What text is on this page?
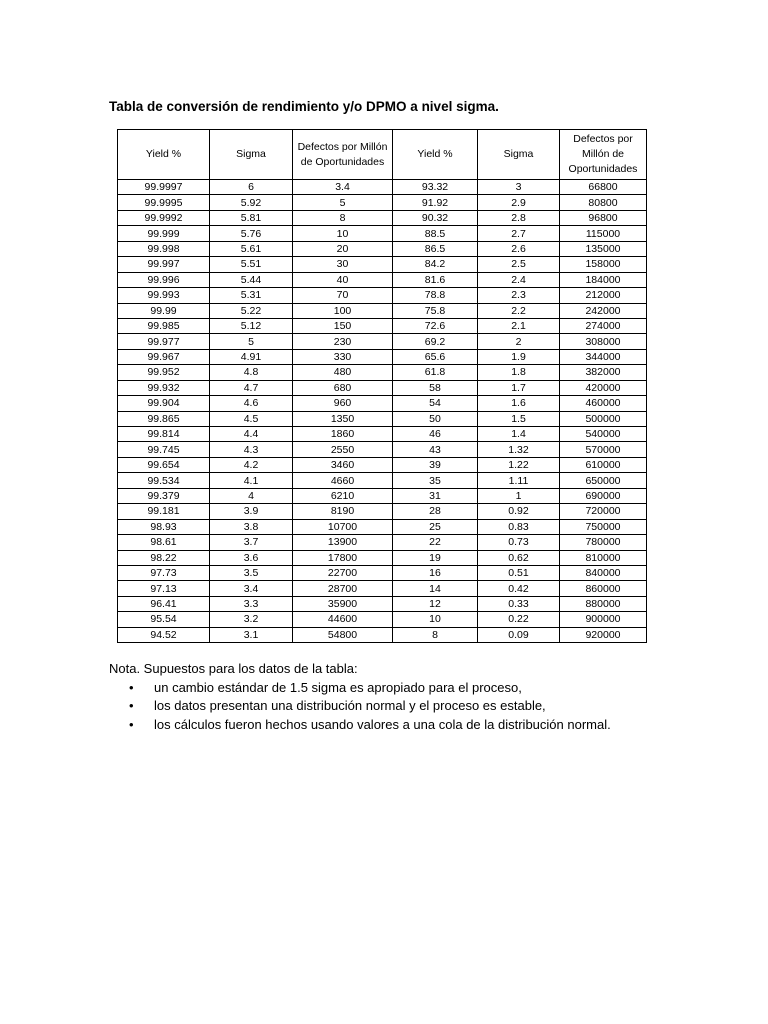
Tabla de conversión de rendimiento y/o DPMO a nivel sigma.
Yield %	Sigma	Defectos por Millón de Oportunidades	Yield %	Sigma	Defectos por Millón de Oportunidades
99.9997	6	3.4	93.32	3	66800
99.9995	5.92	5	91.92	2.9	80800
99.9992	5.81	8	90.32	2.8	96800
99.999	5.76	10	88.5	2.7	115000
99.998	5.61	20	86.5	2.6	135000
99.997	5.51	30	84.2	2.5	158000
99.996	5.44	40	81.6	2.4	184000
99.993	5.31	70	78.8	2.3	212000
99.99	5.22	100	75.8	2.2	242000
99.985	5.12	150	72.6	2.1	274000
99.977	5	230	69.2	2	308000
99.967	4.91	330	65.6	1.9	344000
99.952	4.8	480	61.8	1.8	382000
99.932	4.7	680	58	1.7	420000
99.904	4.6	960	54	1.6	460000
99.865	4.5	1350	50	1.5	500000
99.814	4.4	1860	46	1.4	540000
99.745	4.3	2550	43	1.32	570000
99.654	4.2	3460	39	1.22	610000
99.534	4.1	4660	35	1.11	650000
99.379	4	6210	31	1	690000
99.181	3.9	8190	28	0.92	720000
98.93	3.8	10700	25	0.83	750000
98.61	3.7	13900	22	0.73	780000
98.22	3.6	17800	19	0.62	810000
97.73	3.5	22700	16	0.51	840000
97.13	3.4	28700	14	0.42	860000
96.41	3.3	35900	12	0.33	880000
95.54	3.2	44600	10	0.22	900000
94.52	3.1	54800	8	0.09	920000
Nota. Supuestos para los datos de la tabla:
• un cambio estándar de 1.5 sigma es apropiado para el proceso,
• los datos presentan una distribución normal y el proceso es estable,
• los cálculos fueron hechos usando valores a una cola de la distribución normal.
